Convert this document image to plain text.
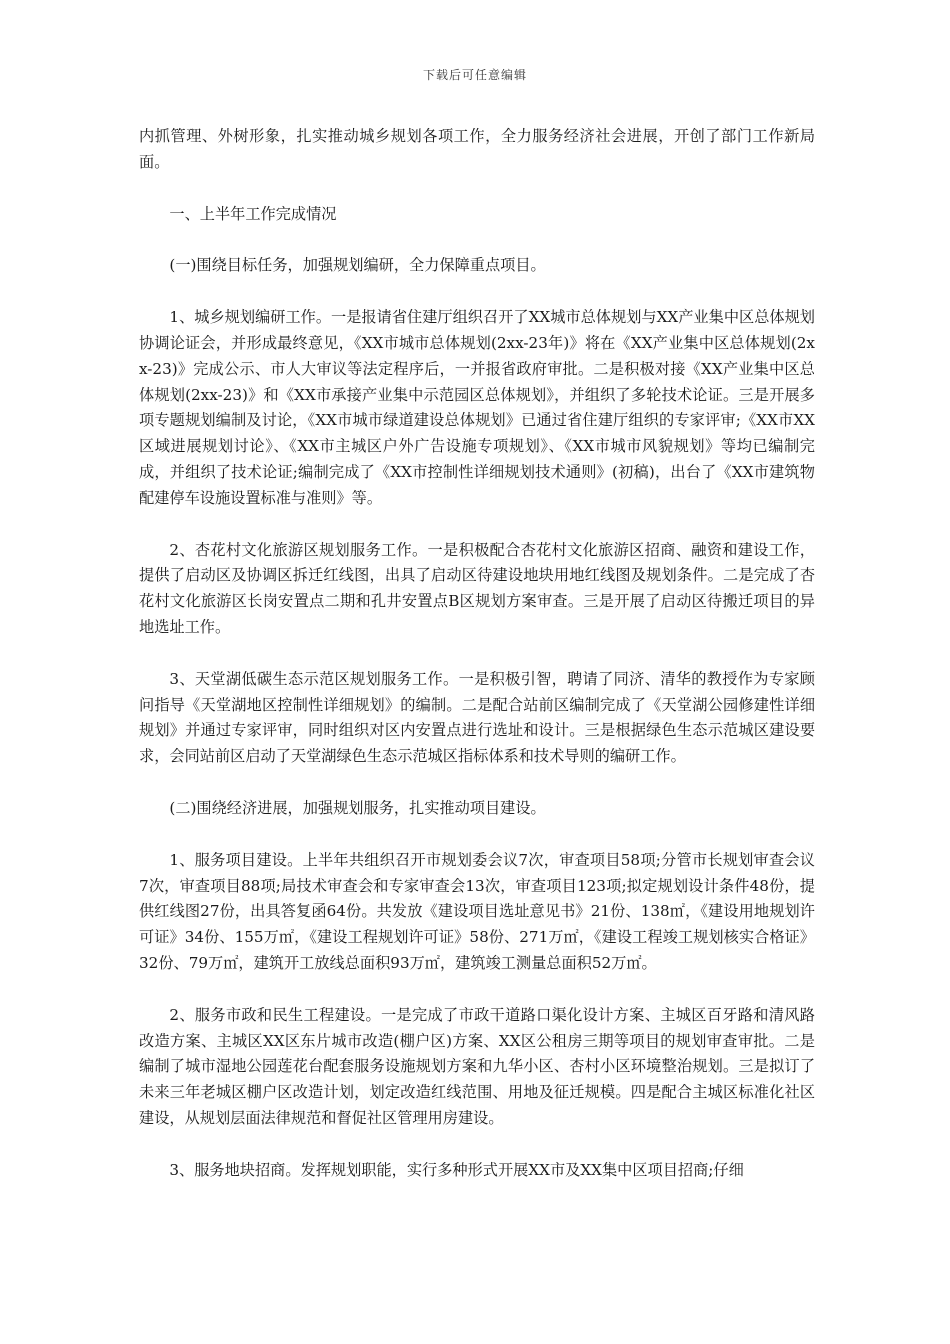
下载后可任意编辑

内抓管理、外树形象，扎实推动城乡规划各项工作，全力服务经济社会进展，开创了部门工作新局面。

一、上半年工作完成情况

(一)围绕目标任务，加强规划编研，全力保障重点项目。

1、城乡规划编研工作。一是报请省住建厅组织召开了XX城市总体规划与XX产业集中区总体规划协调论证会，并形成最终意见，《XX市城市总体规划(2xx-23年)》将在《XX产业集中区总体规划(2xx-23)》完成公示、市人大审议等法定程序后，一并报省政府审批。二是积极对接《XX产业集中区总体规划(2xx-23)》和《XX市承接产业集中示范园区总体规划》，并组织了多轮技术论证。三是开展多项专题规划编制及讨论，《XX市城市绿道建设总体规划》已通过省住建厅组织的专家评审;《XX市XX区域进展规划讨论》、《XX市主城区户外广告设施专项规划》、《XX市城市风貌规划》等均已编制完成，并组织了技术论证;编制完成了《XX市控制性详细规划技术通则》(初稿)，出台了《XX市建筑物配建停车设施设置标准与准则》等。

2、杏花村文化旅游区规划服务工作。一是积极配合杏花村文化旅游区招商、融资和建设工作，提供了启动区及协调区拆迁红线图，出具了启动区待建设地块用地红线图及规划条件。二是完成了杏花村文化旅游区长岗安置点二期和孔井安置点B区规划方案审查。三是开展了启动区待搬迁项目的异地选址工作。

3、天堂湖低碳生态示范区规划服务工作。一是积极引智，聘请了同济、清华的教授作为专家顾问指导《天堂湖地区控制性详细规划》的编制。二是配合站前区编制完成了《天堂湖公园修建性详细规划》并通过专家评审，同时组织对区内安置点进行选址和设计。三是根据绿色生态示范城区建设要求，会同站前区启动了天堂湖绿色生态示范城区指标体系和技术导则的编研工作。

(二)围绕经济进展，加强规划服务，扎实推动项目建设。

1、服务项目建设。上半年共组织召开市规划委会议7次，审查项目58项;分管市长规划审查会议7次，审查项目88项;局技术审查会和专家审查会13次，审查项目123项;拟定规划设计条件48份，提供红线图27份，出具答复函64份。共发放《建设项目选址意见书》21份、138㎡，《建设用地规划许可证》34份、155万㎡，《建设工程规划许可证》58份、271万㎡，《建设工程竣工规划核实合格证》32份、79万㎡，建筑开工放线总面积93万㎡，建筑竣工测量总面积52万㎡。

2、服务市政和民生工程建设。一是完成了市政干道路口渠化设计方案、主城区百牙路和清风路改造方案、主城区XX区东片城市改造(棚户区)方案、XX区公租房三期等项目的规划审查审批。二是编制了城市湿地公园莲花台配套服务设施规划方案和九华小区、杏村小区环境整治规划。三是拟订了未来三年老城区棚户区改造计划，划定改造红线范围、用地及征迁规模。四是配合主城区标准化社区建设，从规划层面法律规范和督促社区管理用房建设。

3、服务地块招商。发挥规划职能，实行多种形式开展XX市及XX集中区项目招商;仔细
